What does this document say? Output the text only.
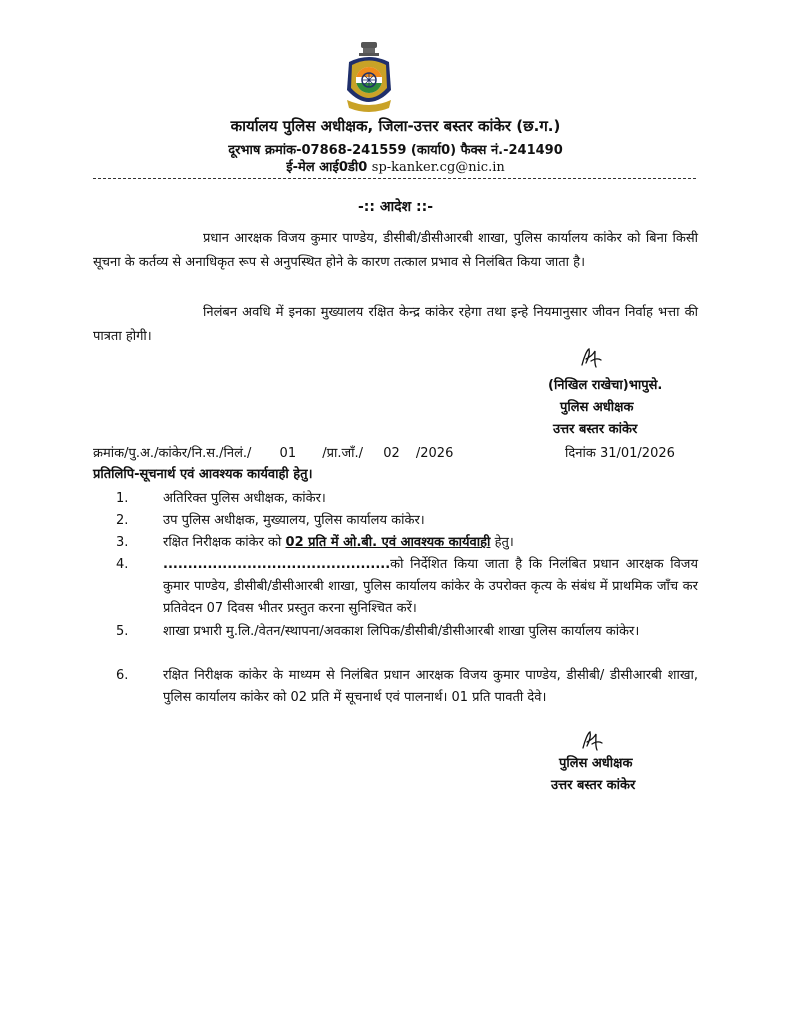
कार्यालय पुलिस अधीक्षक, जिला-उत्तर बस्तर कांकेर (छ.ग.)
दूरभाष क्रमांक-07868-241559 (कार्या0) फैक्स नं.-241490
ई-मेल आई0डी0 sp-kanker.cg@nic.in
-:: आदेश ::-
प्रधान आरक्षक विजय कुमार पाण्डेय, डीसीबी/डीसीआरबी शाखा, पुलिस कार्यालय कांकेर को बिना किसी सूचना के कर्तव्य से अनाधिकृत रूप से अनुपस्थित होने के कारण तत्काल प्रभाव से निलंबित किया जाता है।
निलंबन अवधि में इनका मुख्यालय रक्षित केन्द्र कांकेर रहेगा तथा इन्हे नियमानुसार जीवन निर्वाह भत्ता की पात्रता होगी।
(निखिल राखेचा)भापुसे.
पुलिस अधीक्षक
उत्तर बस्तर कांकेर
क्रमांक/पु.अ./कांकेर/नि.स./निलं./ 01 /प्रा.जॉं./ 02 /2026	दिनांक 31/01/2026
प्रतिलिपि-सूचनार्थ एवं आवश्यक कार्यवाही हेतु।
1.	अतिरिक्त पुलिस अधीक्षक, कांकेर।
2.	उप पुलिस अधीक्षक, मुख्यालय, पुलिस कार्यालय कांकेर।
3.	रक्षित निरीक्षक कांकेर को 02 प्रति में ओ.बी. एवं आवश्यक कार्यवाही हेतु।
4.	..............................................को निर्देशित किया जाता है कि निलंबित प्रधान आरक्षक विजय कुमार पाण्डेय, डीसीबी/डीसीआरबी शाखा, पुलिस कार्यालय कांकेर के उपरोक्त कृत्य के संबंध में प्राथमिक जॉंच कर प्रतिवेदन 07 दिवस भीतर प्रस्तुत करना सुनिश्चित करें।
5.	शाखा प्रभारी मु.लि./वेतन/स्थापना/अवकाश लिपिक/डीसीबी/डीसीआरबी शाखा पुलिस कार्यालय कांकेर।
6.	रक्षित निरीक्षक कांकेर के माध्यम से निलंबित प्रधान आरक्षक विजय कुमार पाण्डेय, डीसीबी/ डीसीआरबी शाखा, पुलिस कार्यालय कांकेर को 02 प्रति में सूचनार्थ एवं पालनार्थ। 01 प्रति पावती देवे।
पुलिस अधीक्षक
उत्तर बस्तर कांकेर
